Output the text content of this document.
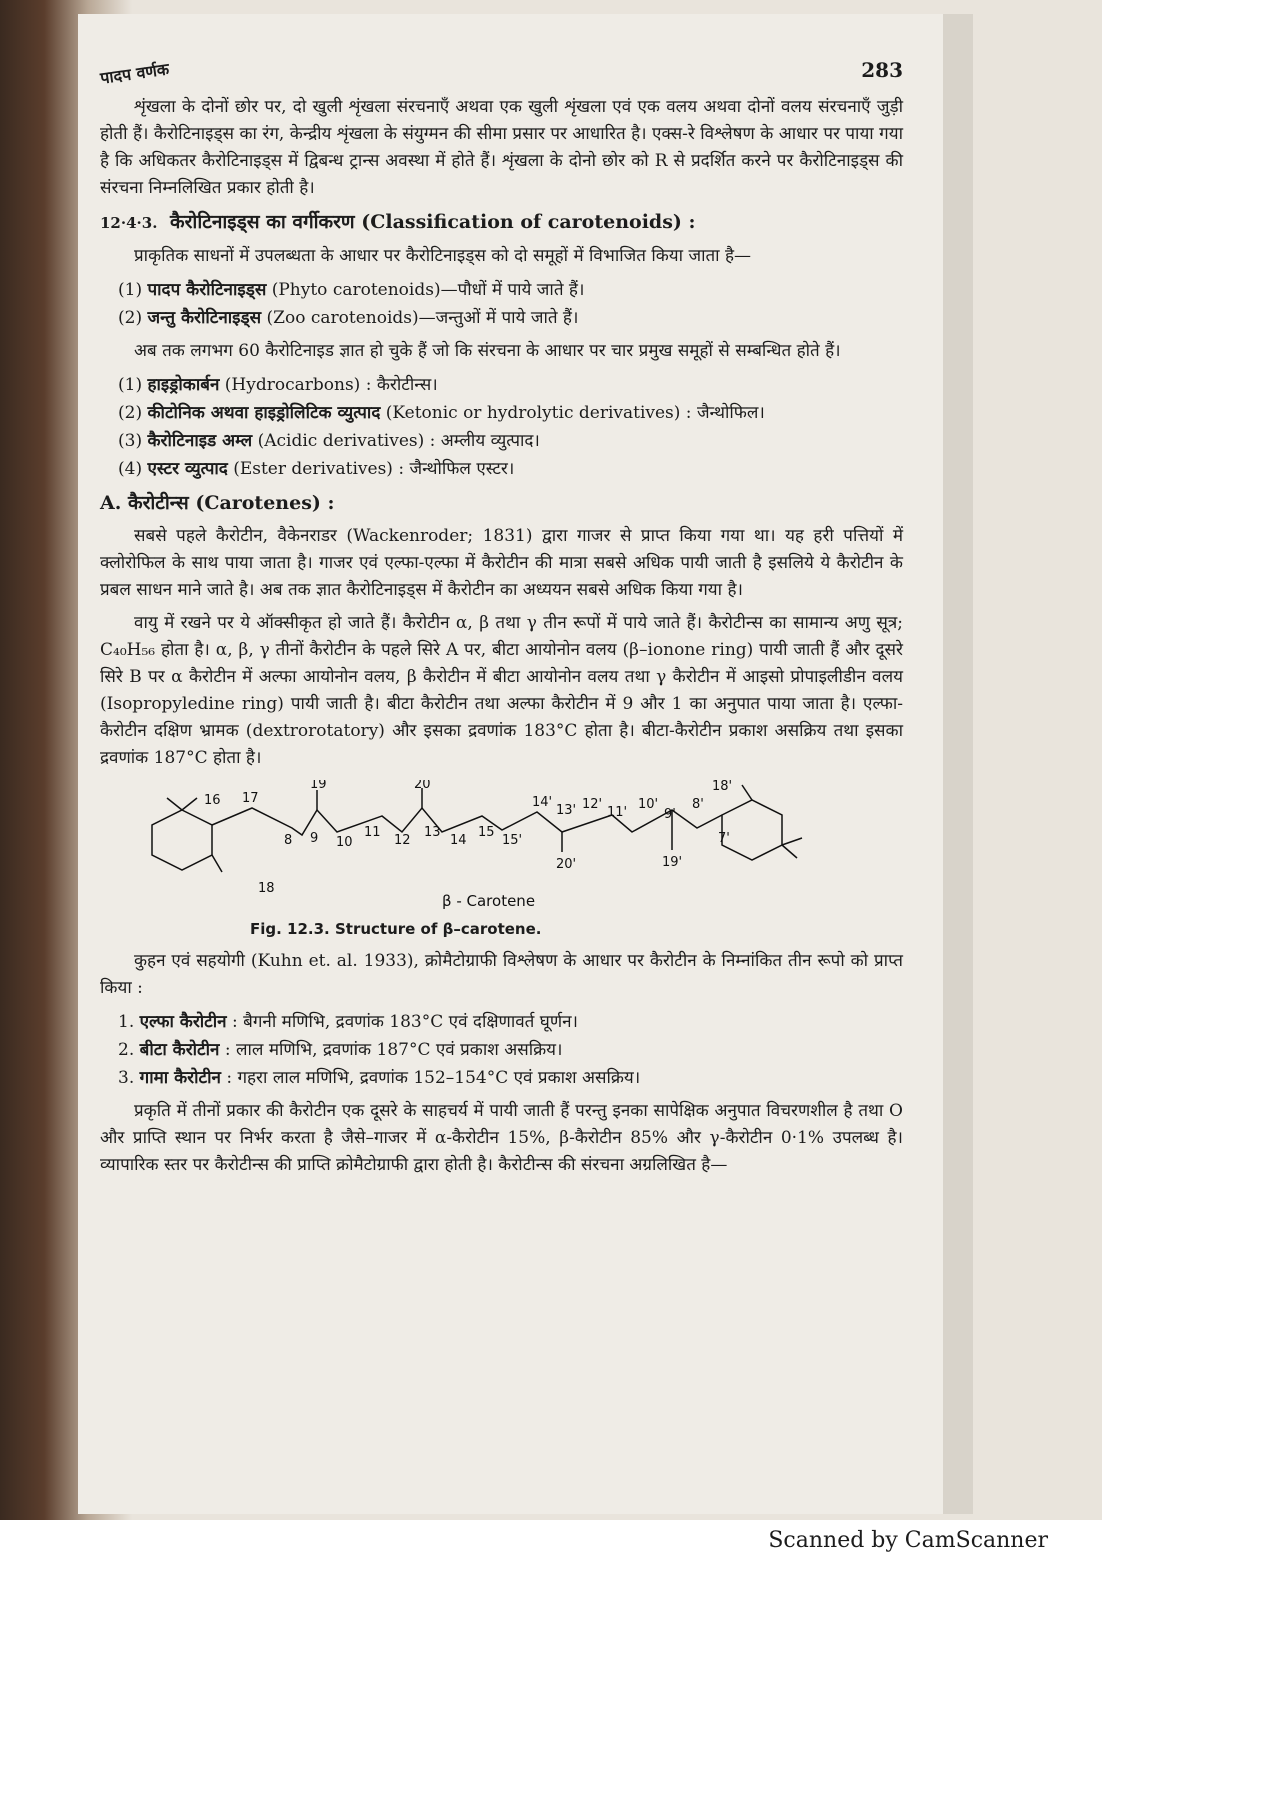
पादप वर्णक	283

शृंखला के दोनों छोर पर, दो खुली शृंखला संरचनाएँ अथवा एक खुली शृंखला एवं एक वलय अथवा दोनों वलय संरचनाएँ जुड़ी होती हैं। कैरोटिनाइड्स का रंग, केन्द्रीय शृंखला के संयुग्मन की सीमा प्रसार पर आधारित है। एक्स-रे विश्लेषण के आधार पर पाया गया है कि अधिकतर कैरोटिनाइड्स में द्विबन्ध ट्रान्स अवस्था में होते हैं। शृंखला के दोनो छोर को R से प्रदर्शित करने पर कैरोटिनाइड्स की संरचना निम्नलिखित प्रकार होती है।

12·4·3. कैरोटिनाइड्स का वर्गीकरण (Classification of carotenoids) :

प्राकृतिक साधनों में उपलब्धता के आधार पर कैरोटिनाइड्स को दो समूहों में विभाजित किया जाता है—

(1) पादप कैरोटिनाइड्स (Phyto carotenoids)—पौधों में पाये जाते हैं।
(2) जन्तु कैरोटिनाइड्स (Zoo carotenoids)—जन्तुओं में पाये जाते हैं।

अब तक लगभग 60 कैरोटिनाइड ज्ञात हो चुके हैं जो कि संरचना के आधार पर चार प्रमुख समूहों से सम्बन्धित होते हैं।

(1) हाइड्रोकार्बन (Hydrocarbons) : कैरोटीन्स।
(2) कीटोनिक अथवा हाइड्रोलिटिक व्युत्पाद (Ketonic or hydrolytic derivatives) : जैन्थोफिल।
(3) कैरोटिनाइड अम्ल (Acidic derivatives) : अम्लीय व्युत्पाद।
(4) एस्टर व्युत्पाद (Ester derivatives) : जैन्थोफिल एस्टर।
A. कैरोटीन्स (Carotenes) :

सबसे पहले कैरोटीन, वैकेनराडर (Wackenroder; 1831) द्वारा गाजर से प्राप्त किया गया था। यह हरी पत्तियों में क्लोरोफिल के साथ पाया जाता है। गाजर एवं एल्फा-एल्फा में कैरोटीन की मात्रा सबसे अधिक पायी जाती है इसलिये ये कैरोटीन के प्रबल साधन माने जाते है। अब तक ज्ञात कैरोटिनाइड्स में कैरोटीन का अध्ययन सबसे अधिक किया गया है।

वायु में रखने पर ये ऑक्सीकृत हो जाते हैं। कैरोटीन α, β तथा γ तीन रूपों में पाये जाते हैं। कैरोटीन्स का सामान्य अणु सूत्र; C₄₀H₅₆ होता है। α, β, γ तीनों कैरोटीन के पहले सिरे A पर, बीटा आयोनोन वलय (β–ionone ring) पायी जाती हैं और दूसरे सिरे B पर α कैरोटीन में अल्फा आयोनोन वलय, β कैरोटीन में बीटा आयोनोन वलय तथा γ कैरोटीन में आइसो प्रोपाइलीडीन वलय (Isopropyledine ring) पायी जाती है। बीटा कैरोटीन तथा अल्फा कैरोटीन में 9 और 1 का अनुपात पाया जाता है। एल्फा-कैरोटीन दक्षिण भ्रामक (dextrorotatory) और इसका द्रवणांक 183°C होता है। बीटा-कैरोटीन प्रकाश असक्रिय तथा इसका द्रवणांक 187°C होता है।

16 17
19	20
14'
13' 12'
11'
10'
9'
8'
18'
8 9 10
11
12
13
14
15
15'	7'
20'	19'
18
β - Carotene
Fig. 12.3. Structure of β–carotene.

कुहन एवं सहयोगी (Kuhn et. al. 1933), क्रोमैटोग्राफी विश्लेषण के आधार पर कैरोटीन के निम्नांकित तीन रूपो को प्राप्त किया :

1. एल्फा कैरोटीन : बैगनी मणिभि, द्रवणांक 183°C एवं दक्षिणावर्त घूर्णन।
2. बीटा कैरोटीन : लाल मणिभि, द्रवणांक 187°C एवं प्रकाश असक्रिय।
3. गामा कैरोटीन : गहरा लाल मणिभि, द्रवणांक 152–154°C एवं प्रकाश असक्रिय।

प्रकृति में तीनों प्रकार की कैरोटीन एक दूसरे के साहचर्य में पायी जाती हैं परन्तु इनका सापेक्षिक अनुपात विचरणशील है तथा O और प्राप्ति स्थान पर निर्भर करता है जैसे–गाजर में α-कैरोटीन 15%, β-कैरोटीन 85% और γ-कैरोटीन 0·1% उपलब्ध है। व्यापारिक स्तर पर कैरोटीन्स की प्राप्ति क्रोमैटोग्राफी द्वारा होती है। कैरोटीन्स की संरचना अग्रलिखित है—

Scanned by CamScanner
